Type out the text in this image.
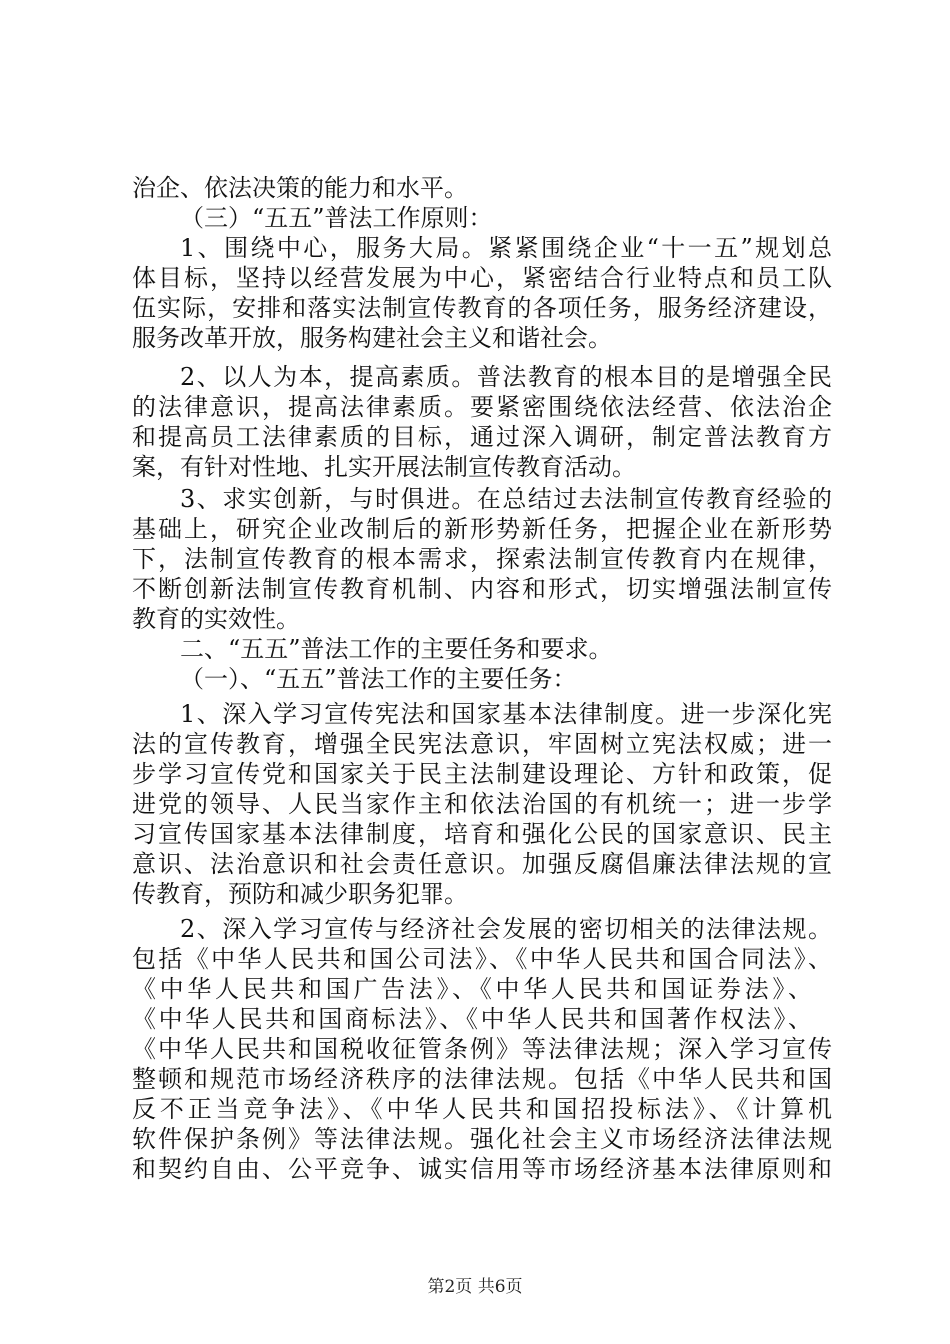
治企、依法决策的能力和水平。
（三）“五五”普法工作原则：
1、围绕中心，服务大局。紧紧围绕企业“十一五”规划总
体目标，坚持以经营发展为中心，紧密结合行业特点和员工队
伍实际，安排和落实法制宣传教育的各项任务，服务经济建设，
服务改革开放，服务构建社会主义和谐社会。
2、以人为本，提高素质。普法教育的根本目的是增强全民
的法律意识，提高法律素质。要紧密围绕依法经营、依法治企
和提高员工法律素质的目标，通过深入调研，制定普法教育方
案，有针对性地、扎实开展法制宣传教育活动。
3、求实创新，与时俱进。在总结过去法制宣传教育经验的
基础上，研究企业改制后的新形势新任务，把握企业在新形势
下，法制宣传教育的根本需求，探索法制宣传教育内在规律，
不断创新法制宣传教育机制、内容和形式，切实增强法制宣传
教育的实效性。
二、“五五”普法工作的主要任务和要求。
（一）、“五五”普法工作的主要任务：
1、深入学习宣传宪法和国家基本法律制度。进一步深化宪
法的宣传教育，增强全民宪法意识，牢固树立宪法权威；进一
步学习宣传党和国家关于民主法制建设理论、方针和政策，促
进党的领导、人民当家作主和依法治国的有机统一；进一步学
习宣传国家基本法律制度，培育和强化公民的国家意识、民主
意识、法治意识和社会责任意识。加强反腐倡廉法律法规的宣
传教育，预防和减少职务犯罪。
2、深入学习宣传与经济社会发展的密切相关的法律法规。
包括《中华人民共和国公司法》、《中华人民共和国合同法》、
《中华人民共和国广告法》、《中华人民共和国证券法》、
《中华人民共和国商标法》、《中华人民共和国著作权法》、
《中华人民共和国税收征管条例》等法律法规；深入学习宣传
整顿和规范市场经济秩序的法律法规。包括《中华人民共和国
反不正当竞争法》、《中华人民共和国招投标法》、《计算机
软件保护条例》等法律法规。强化社会主义市场经济法律法规
和契约自由、公平竞争、诚实信用等市场经济基本法律原则和
第2页 共6页
